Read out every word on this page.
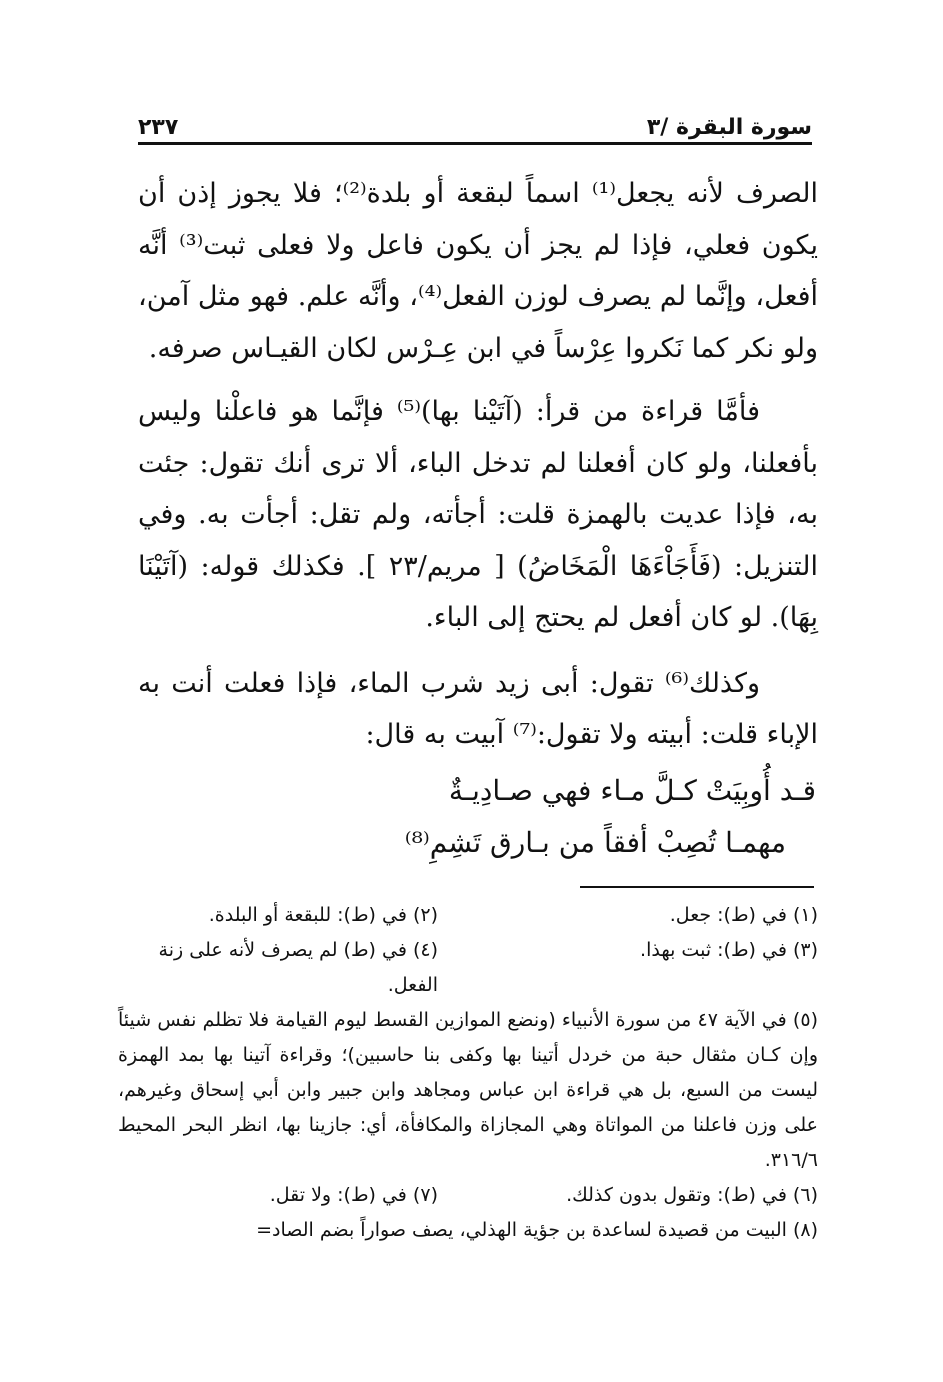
سورة البقرة /٣
٢٣٧

الصرف لأنه يجعل⁽¹⁾ اسماً لبقعة أو بلدة⁽²⁾؛ فلا يجوز إذن أن يكون فعلي، فإذا لم يجز أن يكون فاعل ولا فعلى ثبت⁽³⁾ أنَّه أفعل، وإنَّما لم يصرف لوزن الفعل⁽⁴⁾، وأنَّه علم. فهو مثل آمن، ولو نكر كما نَكروا عِرْساً في ابن عِـرْس لكان القيـاس صرفه.

فأمَّا قراءة من قرأ: (آتَيْنا بها)⁽⁵⁾ فإنَّما هو فاعلْنا وليس بأفعلنا، ولو كان أفعلنا لم تدخل الباء، ألا ترى أنك تقول: جئت به، فإذا عديت بالهمزة قلت: أجأته، ولم تقل: أجأت به. وفي التنزيل: (فَأَجَاْءَهَا الْمَخَاضُ) [ مريم/٢٣ ]. فكذلك قوله: (آتَيْنَا بِهَا). لو كان أفعل لم يحتج إلى الباء.

وكذلك⁽⁶⁾ تقول: أبى زيد شرب الماء، فإذا فعلت أنت به الإباء قلت: أبيته ولا تقول:⁽⁷⁾ آبيت به قال:

قـد أُوبِيَتْ كـلَّ مـاء فهي صـادِيـةٌ
مهمـا تُصِبْ أفقاً من بـارق تَشِمِ⁽⁸⁾
(١) في (ط): جعل.
(٢) في (ط): للبقعة أو البلدة.
(٣) في (ط): ثبت بهذا.
(٤) في (ط) لم يصرف لأنه على زنة الفعل.

(٥) في الآية ٤٧ من سورة الأنبياء (ونضع الموازين القسط ليوم القيامة فلا تظلم نفس شيئاً وإن كـان مثقال حبة من خردل أتينا بها وكفى بنا حاسبين)؛ وقراءة آتينا بها بمد الهمزة ليست من السبع، بل هي قراءة ابن عباس ومجاهد وابن جبير وابن أبي إسحاق وغيرهم، على وزن فاعلنا من المواتاة وهي المجازاة والمكافأة، أي: جازينا بها، انظر البحر المحيط ٣١٦/٦.

(٦) في (ط): وتقول بدون كذلك.
(٧) في (ط): ولا تقل.

(٨) البيت من قصيدة لساعدة بن جؤية الهذلي، يصف صواراً بضم الصاد=
